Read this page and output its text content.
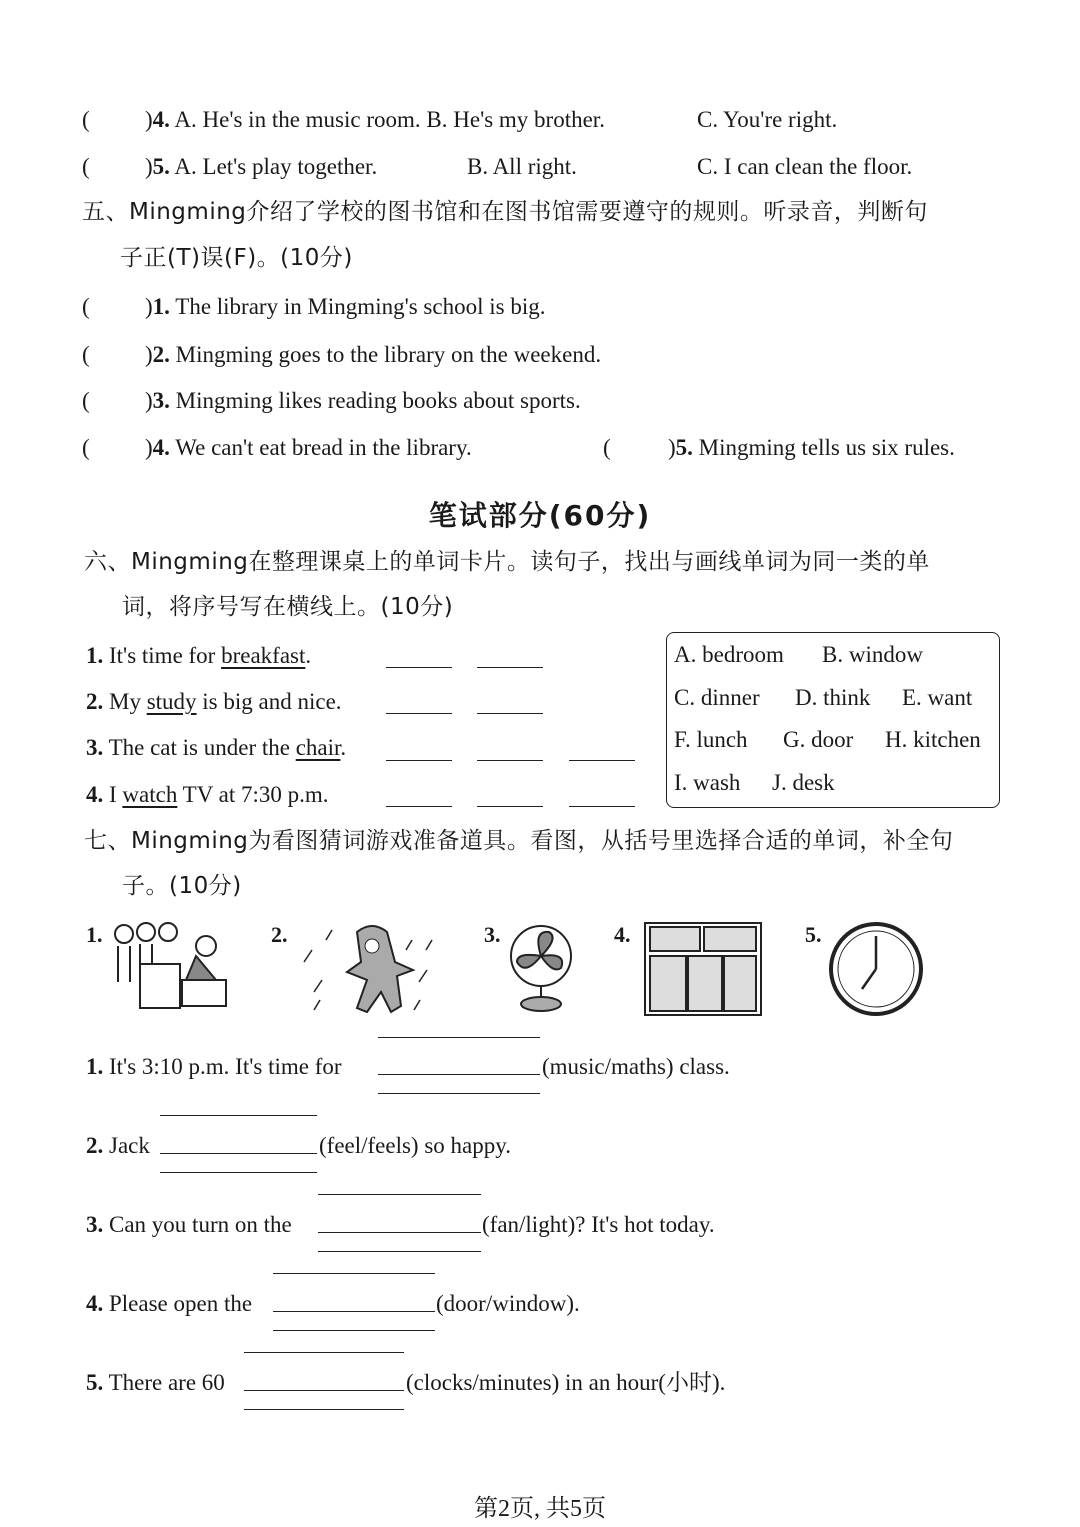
( )4. A. He's in the music room. B. He's my brother.	C. You're right.
( )5. A. Let's play together.	B. All right.	C. I can clean the floor.
五、Mingming介绍了学校的图书馆和在图书馆需要遵守的规则。听录音，判断句
子正(T)误(F)。(10分)
( )1. The library in Mingming's school is big.
( )2. Mingming goes to the library on the weekend.
( )3. Mingming likes reading books about sports.
( )4. We can't eat bread in the library.	( )5. Mingming tells us six rules.
笔试部分(60分)
六、Mingming在整理课桌上的单词卡片。读句子，找出与画线单词为同一类的单
词，将序号写在横线上。(10分)
1. It's time for breakfast.
2. My study is big and nice.
3. The cat is under the chair.
4. I watch TV at 7:30 p.m.
A. bedroom B. window
C. dinner D. think E. want
F. lunch G. door H. kitchen
I. wash J. desk
七、Mingming为看图猜词游戏准备道具。看图，从括号里选择合适的单词，补全句
子。(10分)
1.	2.	3.	4.	5.
1. It's 3:10 p.m. It's time for	(music/maths) class.
2. Jack	(feel/feels) so happy.
3. Can you turn on the	(fan/light)? It's hot today.
4. Please open the	(door/window).
5. There are 60	(clocks/minutes) in an hour(小时).
第2页, 共5页
